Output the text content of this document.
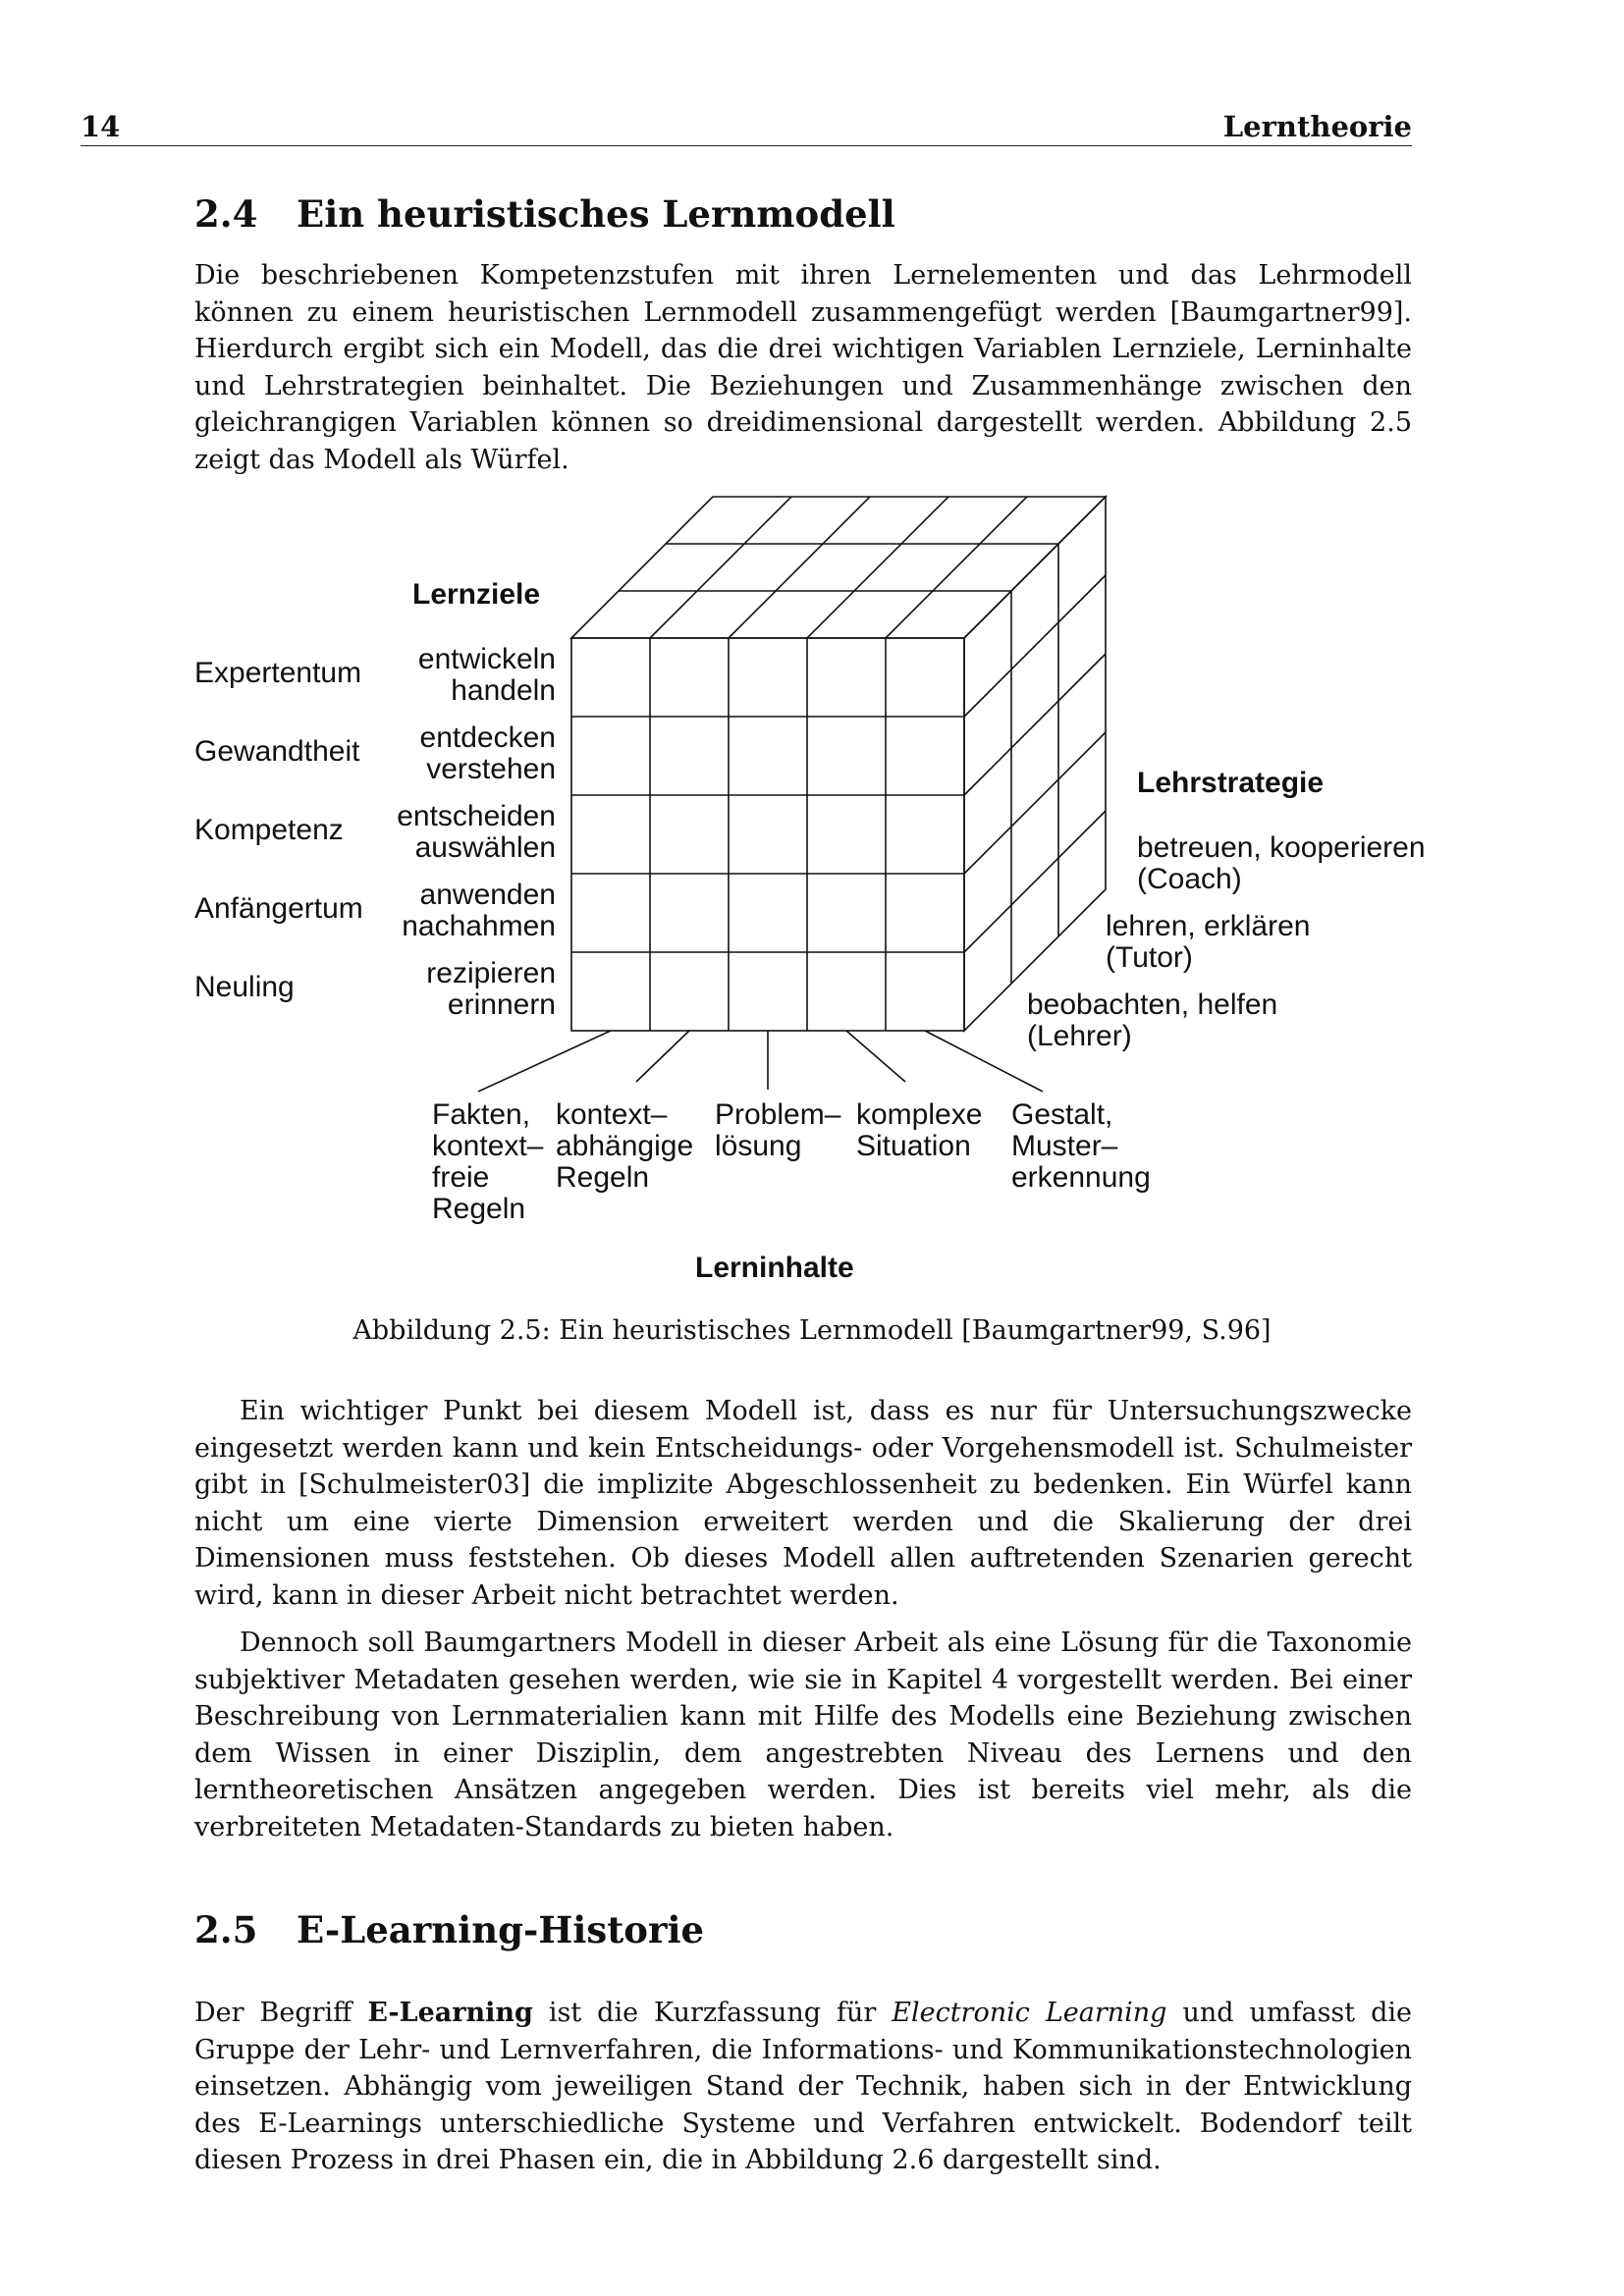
14	Lerntheorie
2.4 Ein heuristisches Lernmodell

Die beschriebenen Kompetenzstufen mit ihren Lernelementen und das Lehrmodell können zu einem heuristischen Lernmodell zusammengefügt werden [Baumgartner99]. Hierdurch ergibt sich ein Modell, das die drei wichtigen Variablen Lernziele, Lerninhalte und Lehrstrategien beinhaltet. Die Beziehungen und Zusammenhänge zwischen den gleichrangigen Variablen können so dreidimensional dargestellt werden. Abbildung 2.5 zeigt das Modell als Würfel.

Lernziele
Expertentum
Gewandtheit
Kompetenz
Anfängertum
Neuling
entwickeln
handeln
entdecken
verstehen
entscheiden
auswählen
anwenden
nachahmen
rezipieren
erinnern
Lehrstrategie
betreuen, kooperieren
(Coach)
lehren, erklären
(Tutor)
beobachten, helfen
(Lehrer)
Fakten,
kontext–
freie
Regeln
kontext–
abhängige
Regeln
Problem–
lösung
komplexe
Situation
Gestalt,
Muster–
erkennung
Lerninhalte
Abbildung 2.5: Ein heuristisches Lernmodell [Baumgartner99, S.96]

Ein wichtiger Punkt bei diesem Modell ist, dass es nur für Untersuchungszwecke eingesetzt werden kann und kein Entscheidungs- oder Vorgehensmodell ist. Schulmeister gibt in [Schulmeister03] die implizite Abgeschlossenheit zu bedenken. Ein Würfel kann nicht um eine vierte Dimension erweitert werden und die Skalierung der drei Dimensionen muss feststehen. Ob dieses Modell allen auftretenden Szenarien gerecht wird, kann in dieser Arbeit nicht betrachtet werden.

Dennoch soll Baumgartners Modell in dieser Arbeit als eine Lösung für die Taxonomie subjektiver Metadaten gesehen werden, wie sie in Kapitel 4 vorgestellt werden. Bei einer Beschreibung von Lernmaterialien kann mit Hilfe des Modells eine Beziehung zwischen dem Wissen in einer Disziplin, dem angestrebten Niveau des Lernens und den lerntheoretischen Ansätzen angegeben werden. Dies ist bereits viel mehr, als die verbreiteten Metadaten-Standards zu bieten haben.

2.5 E-Learning-Historie

Der Begriff E-Learning ist die Kurzfassung für Electronic Learning und umfasst die Gruppe der Lehr- und Lernverfahren, die Informations- und Kommunikationstechnologien einsetzen. Abhängig vom jeweiligen Stand der Technik, haben sich in der Entwicklung des E-Learnings unterschiedliche Systeme und Verfahren entwickelt. Bodendorf teilt diesen Prozess in drei Phasen ein, die in Abbildung 2.6 dargestellt sind.
